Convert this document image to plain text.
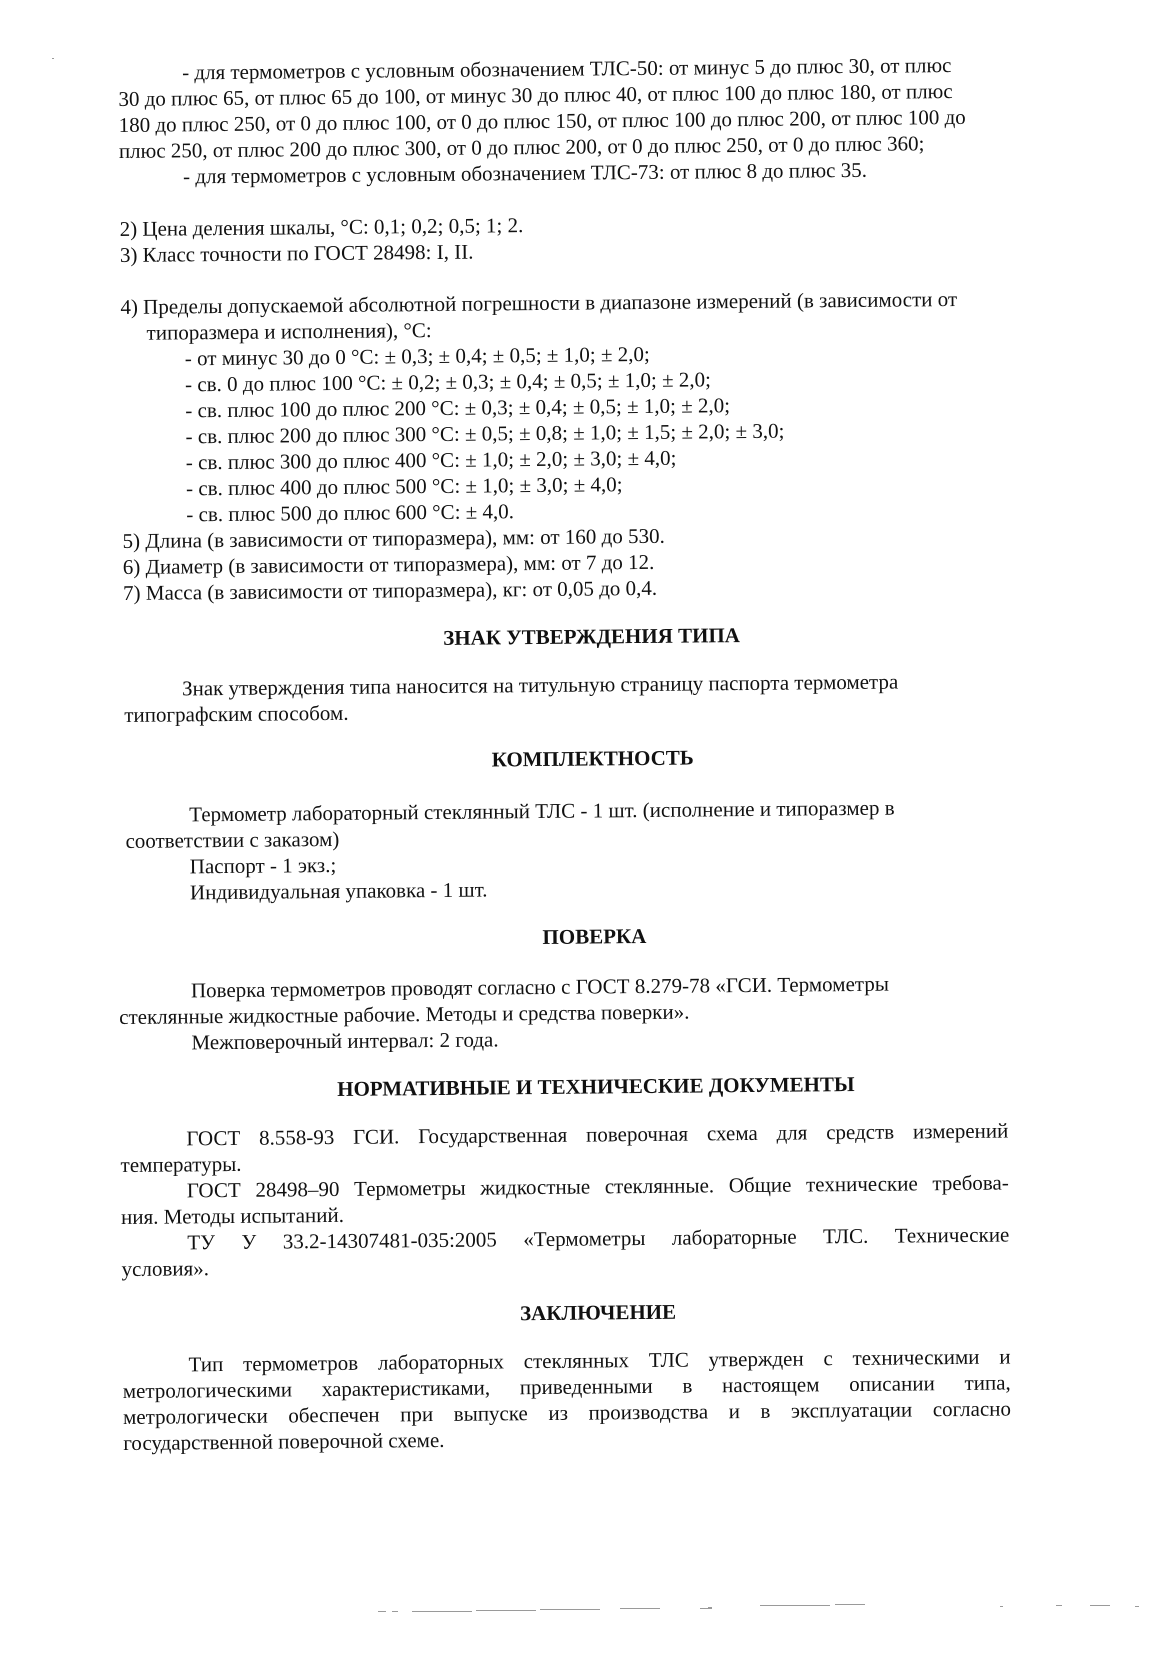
- для термометров с условным обозначением ТЛС-50: от минус 5 до плюс 30, от плюс
30 до плюс 65, от плюс 65 до 100, от минус 30 до плюс 40, от плюс 100 до плюс 180, от плюс
180 до плюс 250, от 0 до плюс 100, от 0 до плюс 150, от плюс 100 до плюс 200, от плюс 100 до
плюс 250, от плюс 200 до плюс 300, от 0 до плюс 200, от 0 до плюс 250, от 0 до плюс 360;
- для термометров с условным обозначением ТЛС-73: от плюс 8 до плюс 35.
2) Цена деления шкалы, °С: 0,1; 0,2; 0,5; 1; 2.
3) Класс точности по ГОСТ 28498: I, II.
4) Пределы допускаемой абсолютной погрешности в диапазоне измерений (в зависимости от
типоразмера и исполнения), °С:
- от минус 30 до 0 °С: ± 0,3; ± 0,4; ± 0,5; ± 1,0; ± 2,0;
- св. 0 до плюс 100 °С: ± 0,2; ± 0,3; ± 0,4; ± 0,5; ± 1,0; ± 2,0;
- св. плюс 100 до плюс 200 °С: ± 0,3; ± 0,4; ± 0,5; ± 1,0; ± 2,0;
- св. плюс 200 до плюс 300 °С: ± 0,5; ± 0,8; ± 1,0; ± 1,5; ± 2,0; ± 3,0;
- св. плюс 300 до плюс 400 °С: ± 1,0; ± 2,0; ± 3,0; ± 4,0;
- св. плюс 400 до плюс 500 °С: ± 1,0; ± 3,0; ± 4,0;
- св. плюс 500 до плюс 600 °С: ± 4,0.
5) Длина (в зависимости от типоразмера), мм: от 160 до 530.
6) Диаметр (в зависимости от типоразмера), мм: от 7 до 12.
7) Масса (в зависимости от типоразмера), кг: от 0,05 до 0,4.
ЗНАК УТВЕРЖДЕНИЯ ТИПА
Знак утверждения типа наносится на титульную страницу паспорта термометра
типографским способом.
КОМПЛЕКТНОСТЬ
Термометр лабораторный стеклянный ТЛС - 1 шт. (исполнение и типоразмер в
соответствии с заказом)
Паспорт - 1 экз.;
Индивидуальная упаковка - 1 шт.
ПОВЕРКА
Поверка термометров проводят согласно с ГОСТ 8.279-78 «ГСИ. Термометры
стеклянные жидкостные рабочие. Методы и средства поверки».
Межповерочный интервал: 2 года.
НОРМАТИВНЫЕ И ТЕХНИЧЕСКИЕ ДОКУМЕНТЫ
ГОСТ 8.558-93 ГСИ. Государственная поверочная схема для средств измерений
температуры.
ГОСТ 28498–90 Термометры жидкостные стеклянные. Общие технические требова-
ния. Методы испытаний.
ТУ У 33.2-14307481-035:2005 «Термометры лабораторные ТЛС. Технические
условия».
ЗАКЛЮЧЕНИЕ
Тип термометров лабораторных стеклянных ТЛС утвержден с техническими и
метрологическими характеристиками, приведенными в настоящем описании типа,
метрологически обеспечен при выпуске из производства и в эксплуатации согласно
государственной поверочной схеме.
